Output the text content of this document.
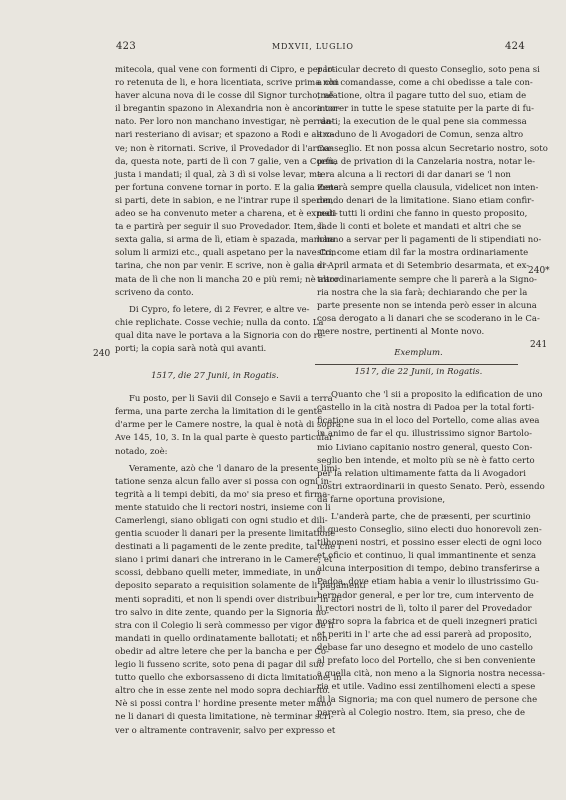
423	MDXVII, LUGLIO	424
mitecola, qual vene con formenti di Cipro, e per lo-
ro retenuta de li, e hora licentiata, scrive prima non
haver alcuna nova di le cosse dil Signor turcho, nè
il bregantin spazono in Alexandria non è ancora tor-
nato. Per loro non manchano investigar, nè per da-
nari resteriano di avisar; et spazono a Rodi e altro-
ve; non è ritornati. Scrive, il Provedador di l'arma-
da, questa note, parti de lì con 7 galie, ven a Corfù,
justa i mandati; il qual, zà 3 dì si volse levar, ma
per fortuna convene tornar in porto. E la galia Zena
si parti, dete in sabion, e ne l'intrar rupe il speron,
adeo se ha convenuto meter a charena, et è expedi-
ta e partirà per seguir il suo Provedador. Item, la
sexta galia, si arma de lì, etiam è spazada, mancha
solum li armizi etc., quali aspetano per la nave Con-
tarina, che non par venir. E scrive, non è galia ar-
mata de lì che non li mancha 20 e più remi; nè altro
scriveno da conto.
Di Cypro, fo letere, di 2 Fevrer, e altre ve-
chie replichate. Cosse vechie; nulla da conto. La
qual dita nave le portava a la Signoria con do re-
porti; la copia sarà notà qui avanti.
1517, die 27 Junii, in Rogatis.
Fu posto, per li Savii dil Consejo e Savii a terra
ferma, una parte zercha la limitation di le gente
d'arme per le Camere nostre, la qual è notà di sopra.
Ave 145, 10, 3. In la qual parte è questo particular
notado, zoè:
Veramente, azò che 'l danaro de la presente limi-
tatione senza alcun fallo aver si possa con ogni in-
tegrità a li tempi debiti, da mo' sia preso et firma-
mente statuido che li rectori nostri, insieme con li
Camerlengi, siano obligati con ogni studio et dili-
gentia scuoder li danari per la presente limitatione
destinati a li pagamenti de le zente predite, tal che i
siano i primi danari che intrerano in le Camere; et
scossi, debbano quelli meter, immediate, in uno
deposito separato a requisition solamente de li pagamenti
menti sopraditi, et non li spendi over distribuir in al-
tro salvo in dite zente, quando per la Signoria no-
stra con il Colegio li serà commesso per vigor de li
mandati in quello ordinatamente ballotati; et non
obedir ad altre letere che per la bancha e per Co-
legio li fusseno scrite, soto pena di pagar dil suo
tutto quello che exborsasseno di dicta limitatione, in
altro che in esse zente nel modo sopra dechiarito.
Nè si possi contra l' hordine presente meter mano
ne li danari di questa limitatione, nè terminar scri-
ver o altramente contravenir, salvo per expresso et
240
particular decreto di questo Conseglio, soto pena si
a chi comandasse, come a chi obedisse a tale con-
trafatione, oltra il pagare tutto del suo, etiam de
incorer in tutte le spese statuite per la parte di fu-
ranti; la execution de le qual pene sia commessa
a caduno de li Avogadori de Comun, senza altro
Conseglio. Et non possa alcun Secretario nostro, soto
pena de privation di la Canzelaria nostra, notar le-
tera alcuna a li rectori di dar danari se 'l non
meterà sempre quella clausula, videlicet non inten-
dendo denari de la limitatione. Siano etiam confir-
mati tutti li ordini che fanno in questo proposito,
sì de li conti et bolete et mandati et altri che se
hanno a servar per li pagamenti de li stipendiati no-
stri, come etiam dil far la mostra ordinariamente
di April armata et di Setembrio desarmata, et ex-
traordinariamente sempre che li parerà a la Signo-
ria nostra che la sia farà; dechiarando che per la
parte presente non se intenda però esser in alcuna
cosa derogato a li danari che se scoderano in le Ca-
mere nostre, pertinenti al Monte novo.
Exemplum.
1517, die 22 Junii, in Rogatis.
Quanto che 'l sii a proposito la edification de uno
castello in la cità nostra di Padoa per la total forti-
ficatione sua in el loco del Portello, come alias avea
in animo de far el qu. illustrissimo signor Bartolo-
mio Liviano capitanio nostro general, questo Con-
seglio ben intende, et molto più se nè è fatto certo
per la relation ultimamente fatta da li Avogadori
nostri extraordinarii in questo Senato. Però, essendo
da farne oportuna provisione,
L'anderà parte, che de præsenti, per scurtinio
di questo Conseglio, siino electi duo honorevoli zen-
tilhomeni nostri, et possino esser electi de ogni loco
et oficio et continuo, li qual immantinente et senza
alcuna interposition di tempo, debino transferirse a
Padoa, dove etiam habia a venir lo illustrissimo Gu-
bernador general, e per lor tre, cum intervento de
li rectori nostri de lì, tolto il parer del Provedador
nostro sopra la fabrica et de queli inzegneri pratici
et periti in l' arte che ad essi parerà ad proposito,
debase far uno desegno et modelo de uno castello
al prefato loco del Portello, che si ben conveniente
a quella cità, non meno a la Signoria nostra necessa-
ria et utile. Vadino essi zentilhomeni electi a spese
di la Signoria; ma con quel numero de persone che
parerà al Colegio nostro. Item, sia preso, che de
240*
241
